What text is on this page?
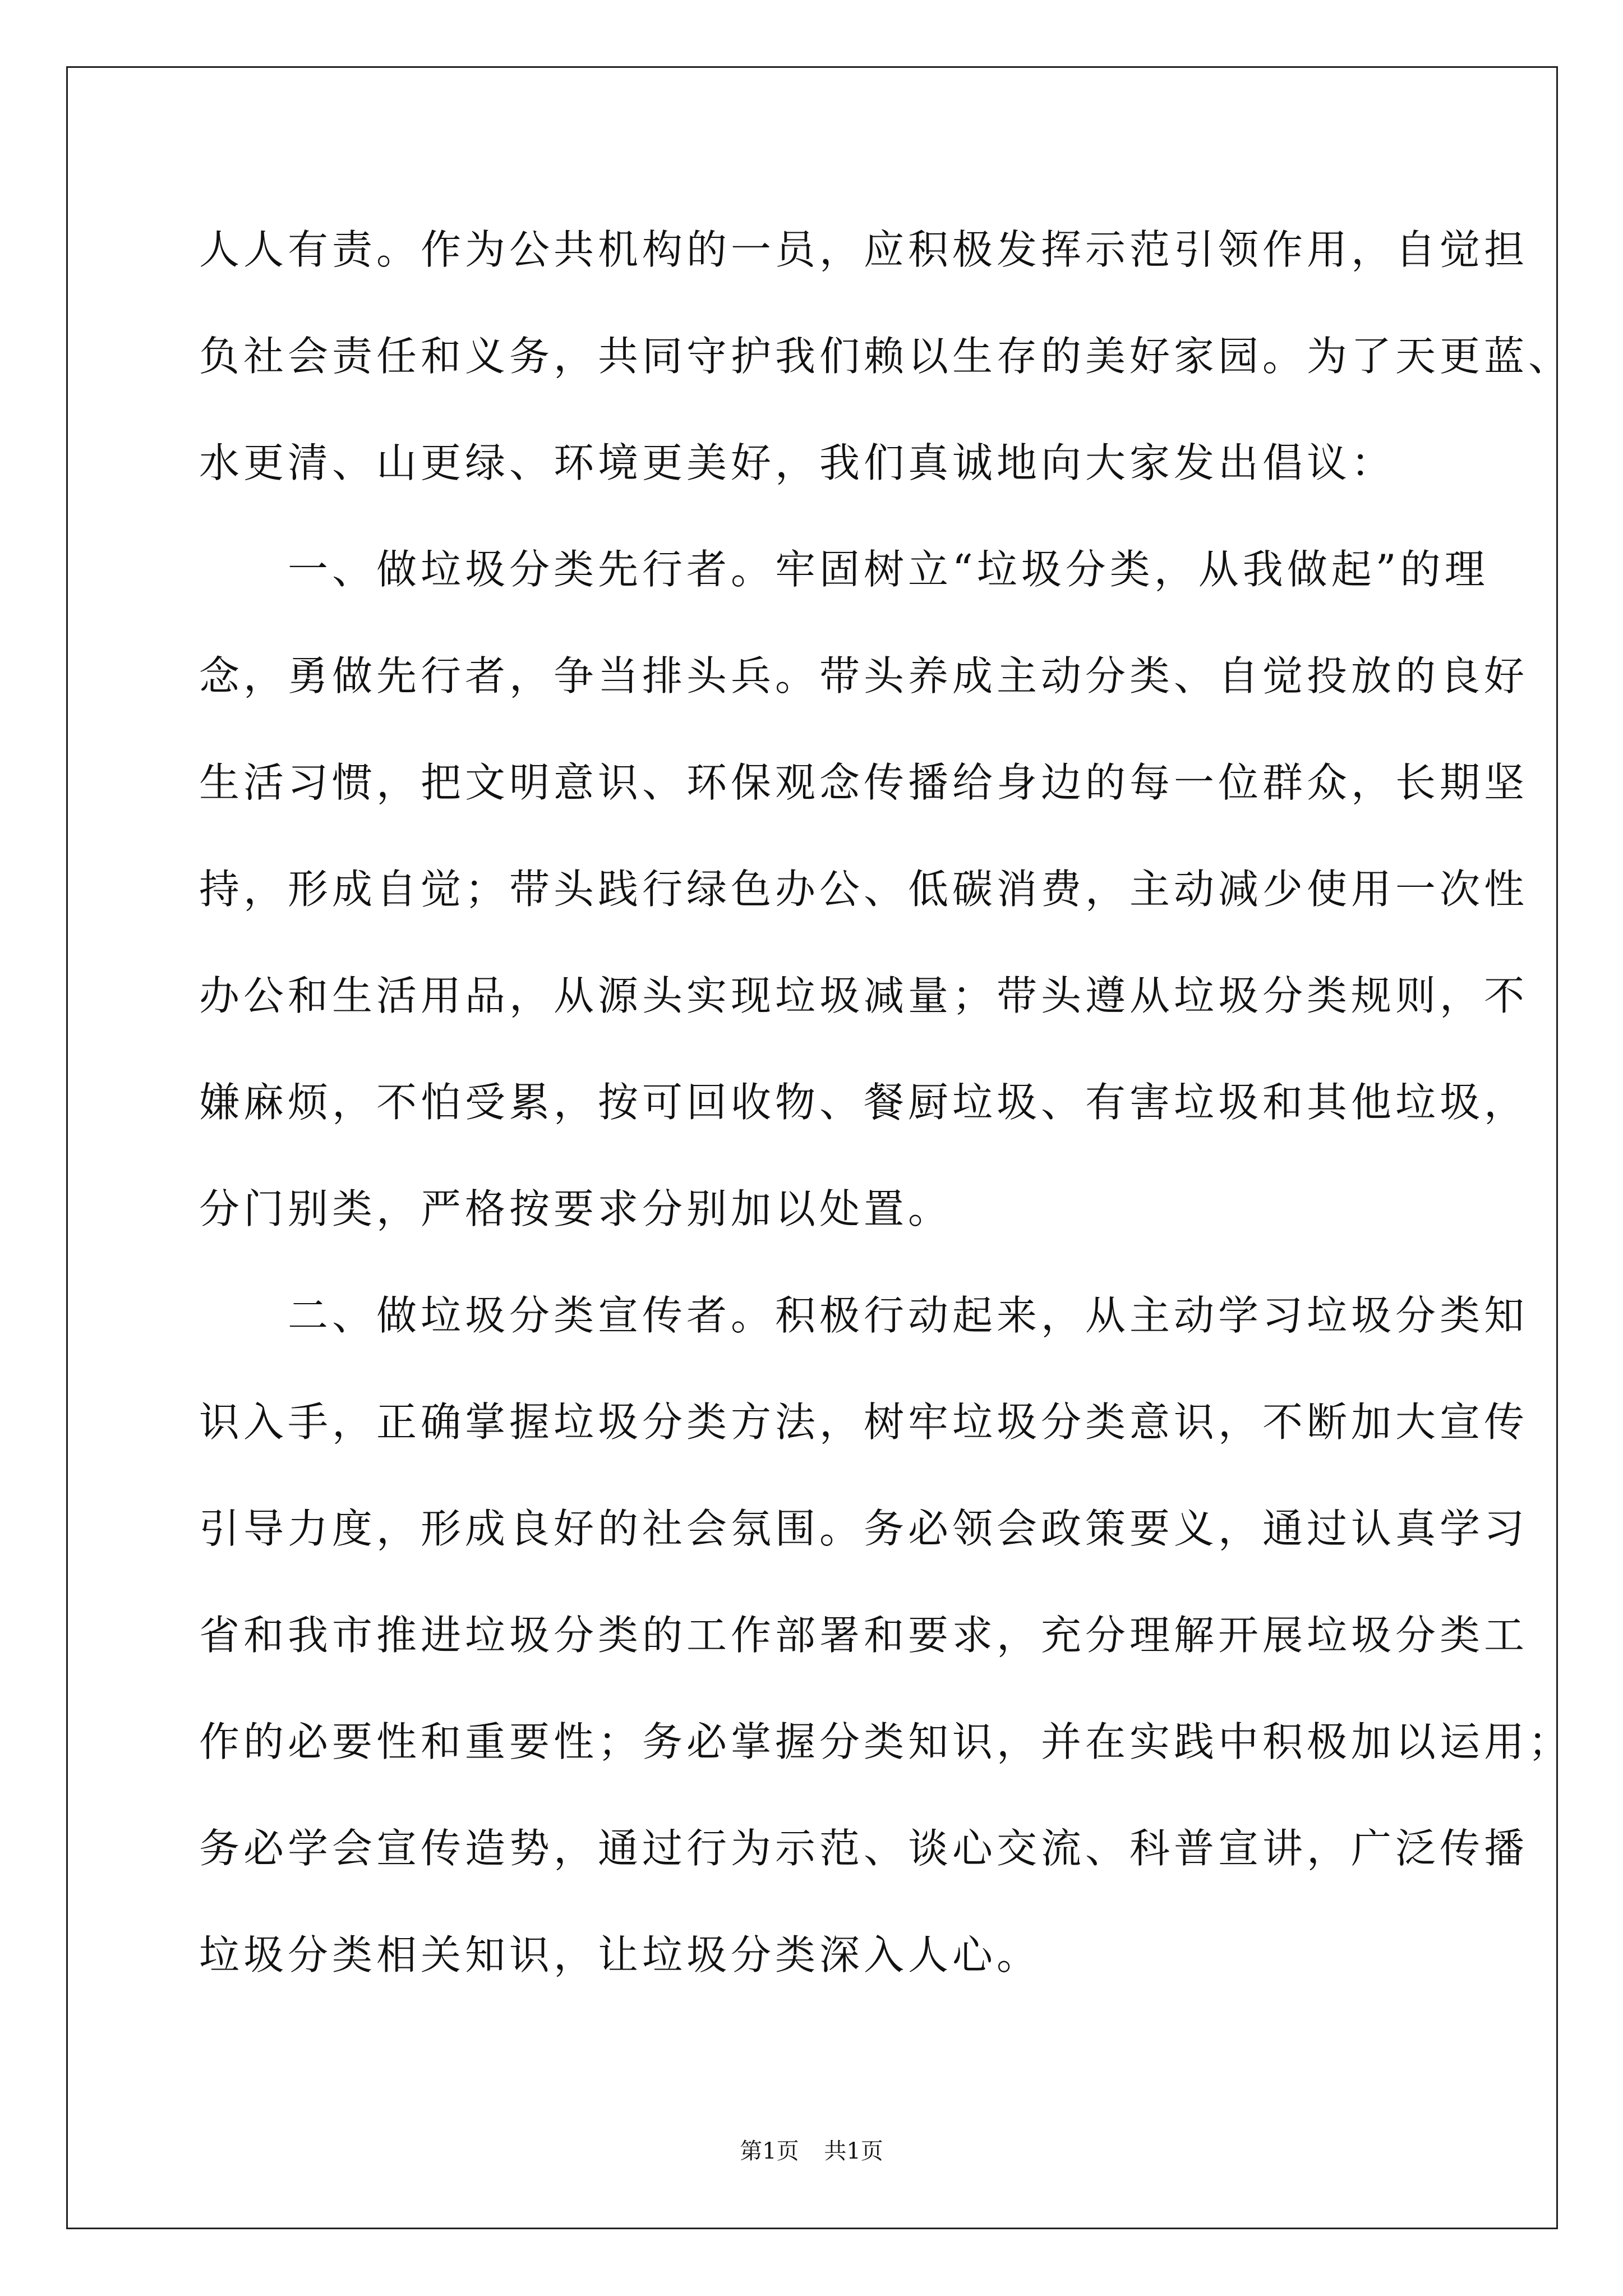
人人有责。作为公共机构的一员，应积极发挥示范引领作用，自觉担
负社会责任和义务，共同守护我们赖以生存的美好家园。为了天更蓝、
水更清、山更绿、环境更美好，我们真诚地向大家发出倡议：
　　一、做垃圾分类先行者。牢固树立“垃圾分类，从我做起”的理
念，勇做先行者，争当排头兵。带头养成主动分类、自觉投放的良好
生活习惯，把文明意识、环保观念传播给身边的每一位群众，长期坚
持，形成自觉；带头践行绿色办公、低碳消费，主动减少使用一次性
办公和生活用品，从源头实现垃圾减量；带头遵从垃圾分类规则，不
嫌麻烦，不怕受累，按可回收物、餐厨垃圾、有害垃圾和其他垃圾，
分门别类，严格按要求分别加以处置。
　　二、做垃圾分类宣传者。积极行动起来，从主动学习垃圾分类知
识入手，正确掌握垃圾分类方法，树牢垃圾分类意识，不断加大宣传
引导力度，形成良好的社会氛围。务必领会政策要义，通过认真学习
省和我市推进垃圾分类的工作部署和要求，充分理解开展垃圾分类工
作的必要性和重要性；务必掌握分类知识，并在实践中积极加以运用；
务必学会宣传造势，通过行为示范、谈心交流、科普宣讲，广泛传播
垃圾分类相关知识，让垃圾分类深入人心。
第1页 共1页
